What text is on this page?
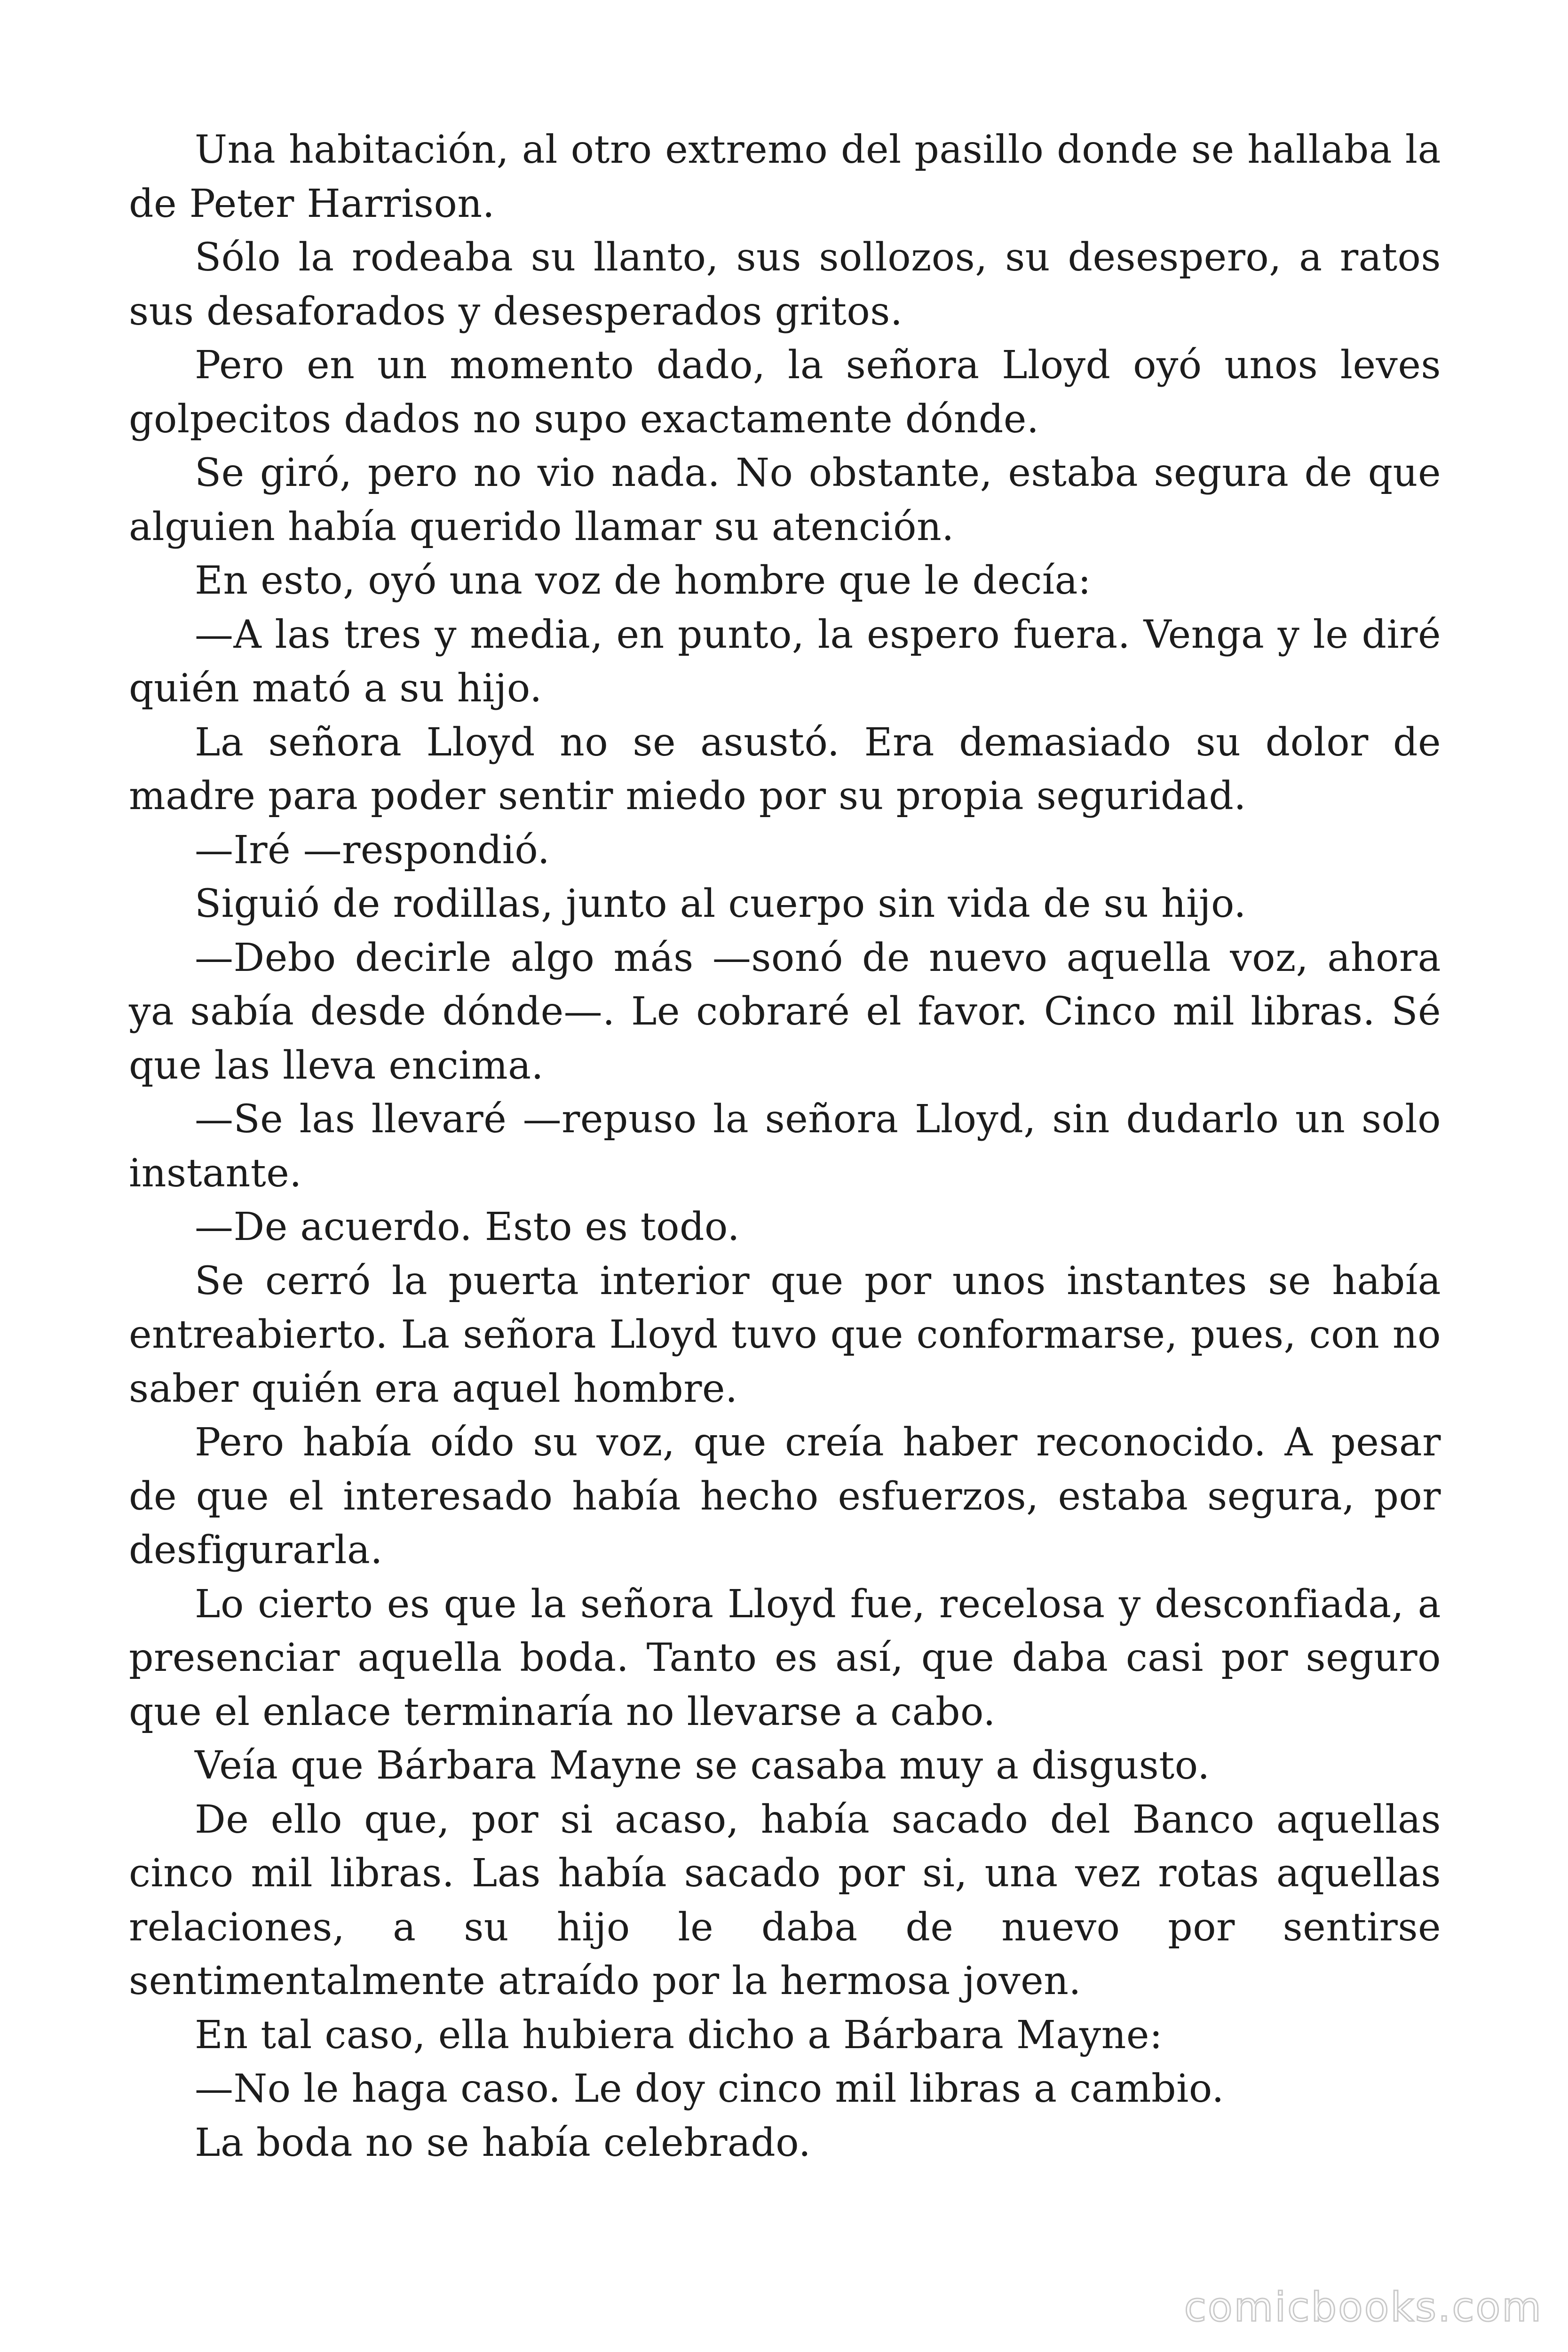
Una habitación, al otro extremo del pasillo donde se hallaba la de Peter Harrison.

Sólo la rodeaba su llanto, sus sollozos, su desespero, a ratos sus desaforados y desesperados gritos.

Pero en un momento dado, la señora Lloyd oyó unos leves golpecitos dados no supo exactamente dónde.

Se giró, pero no vio nada. No obstante, estaba segura de que alguien había querido llamar su atención.

En esto, oyó una voz de hombre que le decía:

—A las tres y media, en punto, la espero fuera. Venga y le diré quién mató a su hijo.

La señora Lloyd no se asustó. Era demasiado su dolor de madre para poder sentir miedo por su propia seguridad.

—Iré —respondió.

Siguió de rodillas, junto al cuerpo sin vida de su hijo.

—Debo decirle algo más —sonó de nuevo aquella voz, ahora ya sabía desde dónde—. Le cobraré el favor. Cinco mil libras. Sé que las lleva encima.

—Se las llevaré —repuso la señora Lloyd, sin dudarlo un solo instante.

—De acuerdo. Esto es todo.

Se cerró la puerta interior que por unos instantes se había entreabierto. La señora Lloyd tuvo que conformarse, pues, con no saber quién era aquel hombre.

Pero había oído su voz, que creía haber reconocido. A pesar de que el interesado había hecho esfuerzos, estaba segura, por desfigurarla.

Lo cierto es que la señora Lloyd fue, recelosa y desconfiada, a presenciar aquella boda. Tanto es así, que daba casi por seguro que el enlace terminaría no llevarse a cabo.

Veía que Bárbara Mayne se casaba muy a disgusto.

De ello que, por si acaso, había sacado del Banco aquellas cinco mil libras. Las había sacado por si, una vez rotas aquellas relaciones, a su hijo le daba de nuevo por sentirse sentimentalmente atraído por la hermosa joven.

En tal caso, ella hubiera dicho a Bárbara Mayne:

—No le haga caso. Le doy cinco mil libras a cambio.

La boda no se había celebrado.

comicbooks.com
